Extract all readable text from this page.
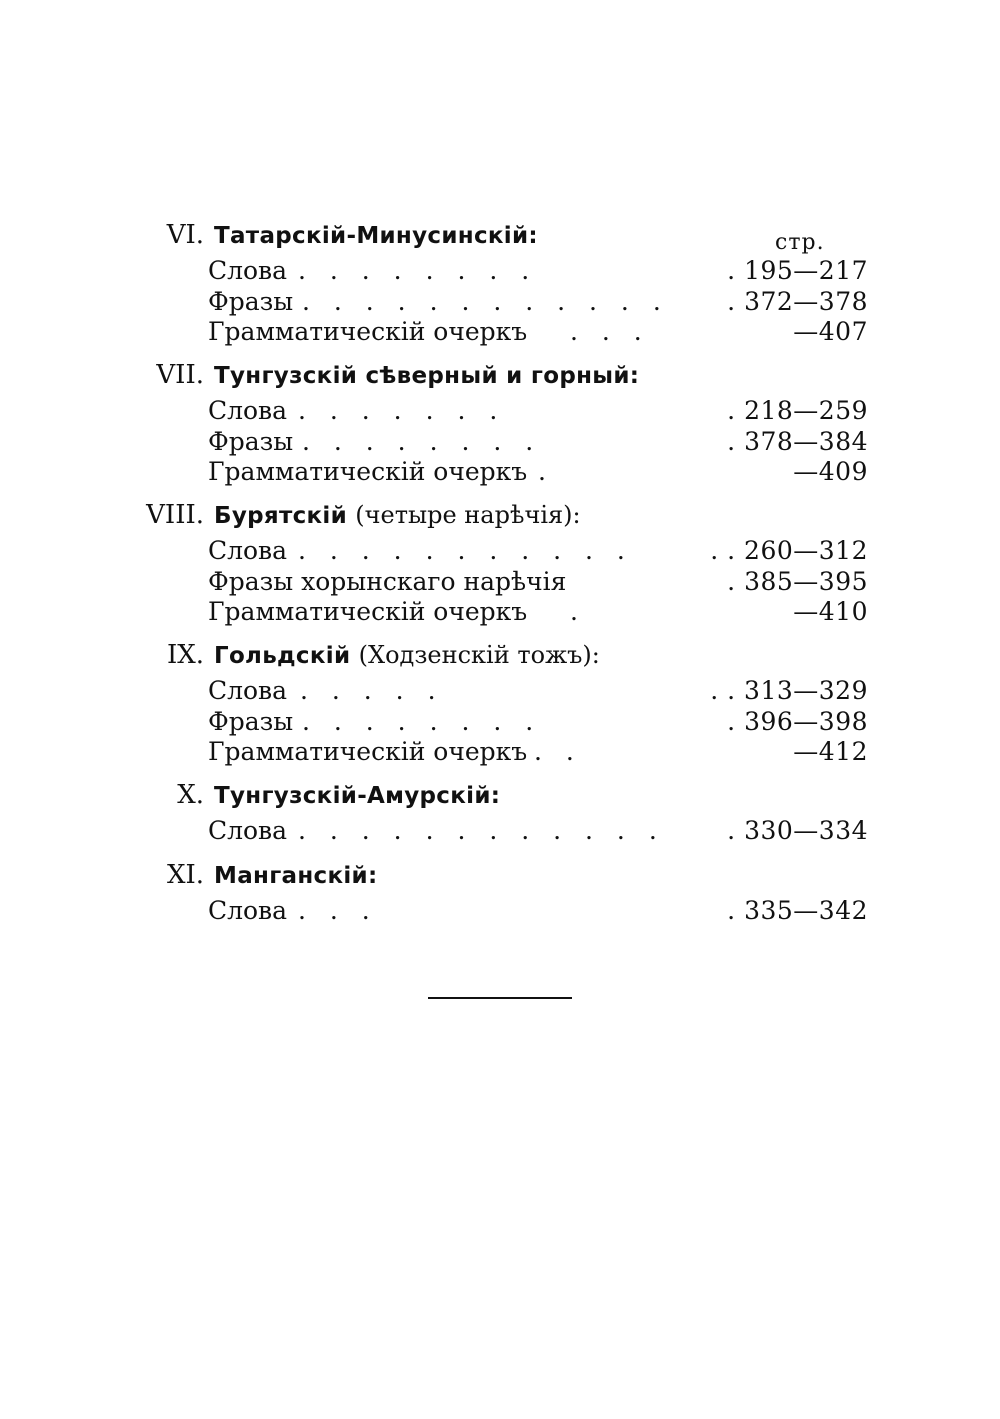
стр.
VI. Татарскій-Минусинскій:
Слова . . . . . . . .	. 195—217
Фразы . . . . . . . . . . . . . 372—378
Грамматическій очеркъ . . .	—407
VII. Тунгузскій сѣверный и горный:
Слова . . . . . . .	. 218—259
Фразы . . . . . . . .	. 378—384
Грамматическій очеркъ .	—409
VIII. Бурятскій (четыре нарѣчія):
Слова . . . . . . . . . . .	. . 260—312
Фразы хорынскаго нарѣчія	. 385—395
Грамматическій очеркъ .	—410
IX. Гольдскій (Ходзенскій тожъ):
Слова . . . . .	. . 313—329
Фразы . . . . . . . .	. 396—398
Грамматическій очеркъ . .	—412
X. Тунгузскій-Амурскій:
Слова . . . . . . . . . . . . . 330—334
XI. Манганскій:
Слова . . .	. 335—342
